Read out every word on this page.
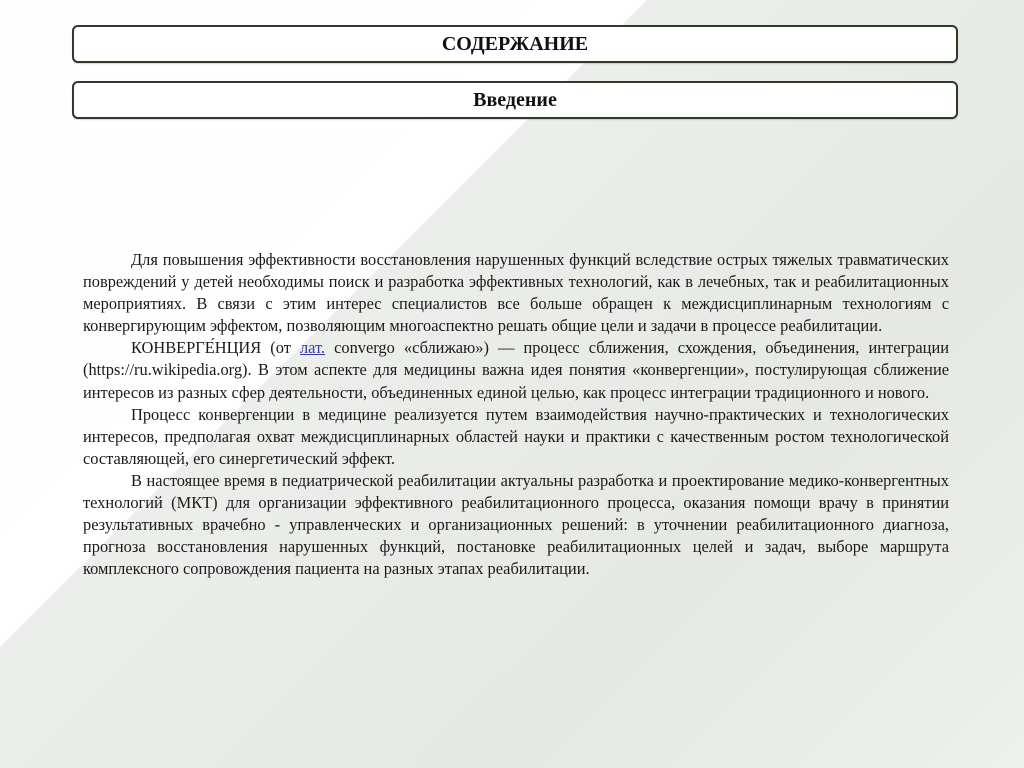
СОДЕРЖАНИЕ
Введение

Для повышения эффективности восстановления нарушенных функций вследствие острых тяжелых травматических повреждений у детей необходимы поиск и разработка эффективных технологий, как в лечебных, так и реабилитационных мероприятиях. В связи с этим интерес специалистов все больше обращен к междисциплинарным технологиям с конвергирующим эффектом, позволяющим многоаспектно решать общие цели и задачи в процессе реабилитации.

КОНВЕРГЕ́НЦИЯ (от лат. convergo «сближаю») — процесс сближения, схождения, объединения, интеграции (https://ru.wikipedia.org). В этом аспекте для медицины важна идея понятия «конвергенции», постулирующая сближение интересов из разных сфер деятельности, объединенных единой целью, как процесс интеграции традиционного и нового.

Процесс конвергенции в медицине реализуется путем взаимодействия научно-практических и технологических интересов, предполагая охват междисциплинарных областей науки и практики с качественным ростом технологической составляющей, его синергетический эффект.

В настоящее время в педиатрической реабилитации актуальны разработка и проектирование медико-конвергентных технологий (МКТ) для организации эффективного реабилитационного процесса, оказания помощи врачу в принятии результативных врачебно - управленческих и организационных решений: в уточнении реабилитационного диагноза, прогноза восстановления нарушенных функций, постановке реабилитационных целей и задач, выборе маршрута комплексного сопровождения пациента на разных этапах реабилитации.
